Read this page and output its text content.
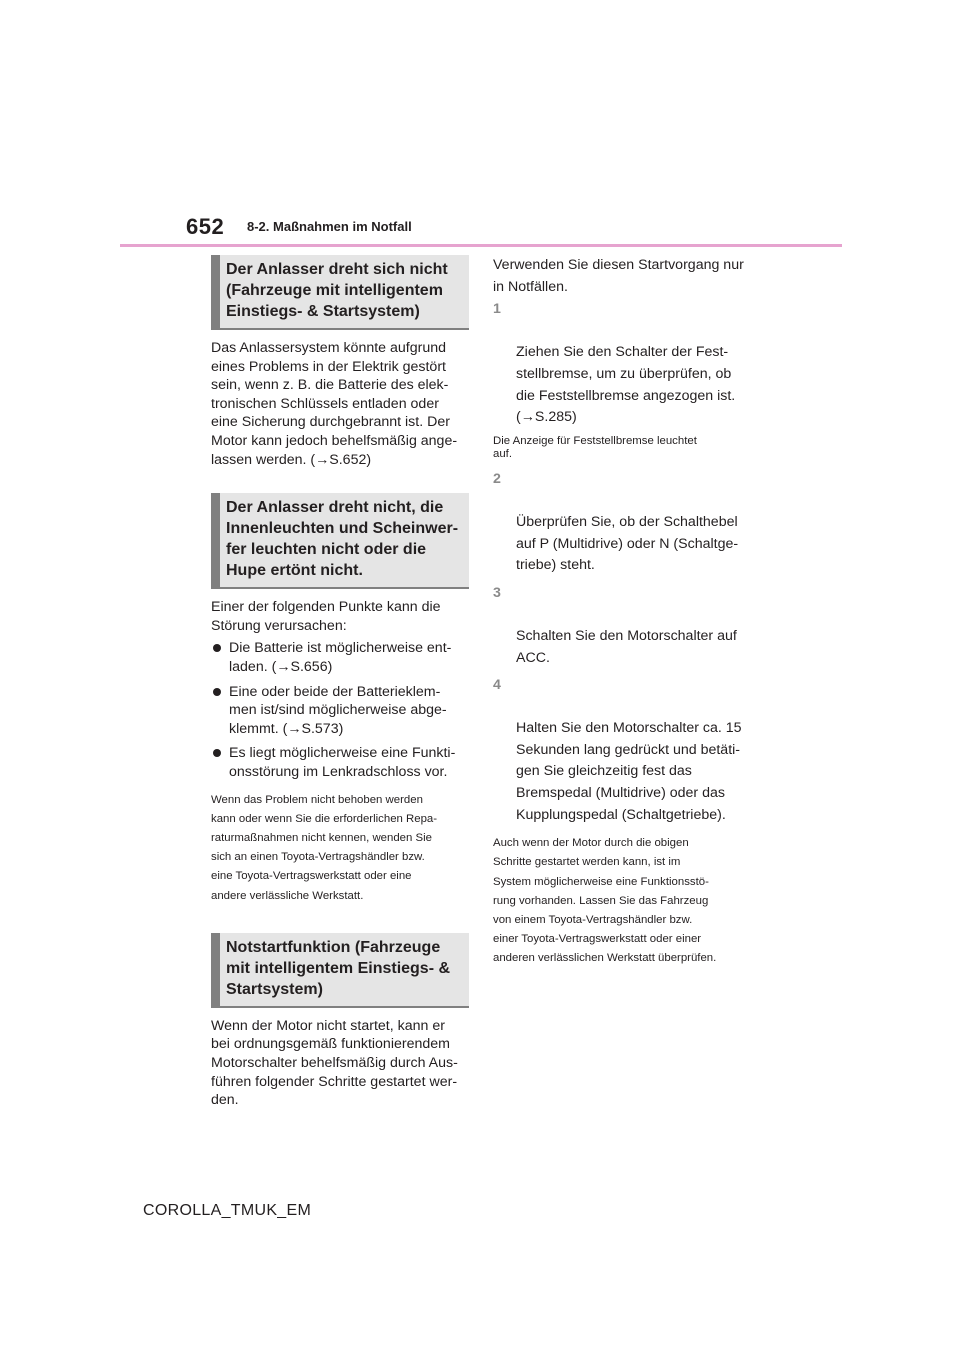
652 8-2. Maßnahmen im Notfall
Der Anlasser dreht sich nicht
(Fahrzeuge mit intelligentem
Einstiegs- & Startsystem)

Das Anlassersystem könnte aufgrund
eines Problems in der Elektrik gestört
sein, wenn z. B. die Batterie des elek-
tronischen Schlüssels entladen oder
eine Sicherung durchgebrannt ist. Der
Motor kann jedoch behelfsmäßig ange-
lassen werden. (→S.652)

Der Anlasser dreht nicht, die
Innenleuchten und Scheinwer-
fer leuchten nicht oder die
Hupe ertönt nicht.

Einer der folgenden Punkte kann die
Störung verursachen:

Die Batterie ist möglicherweise ent-
laden. (→S.656)
Eine oder beide der Batterieklem-
men ist/sind möglicherweise abge-
klemmt. (→S.573)
Es liegt möglicherweise eine Funkti-
onsstörung im Lenkradschloss vor.

Wenn das Problem nicht behoben werden
kann oder wenn Sie die erforderlichen Repa-
raturmaßnahmen nicht kennen, wenden Sie
sich an einen Toyota-Vertragshändler bzw.
eine Toyota-Vertragswerkstatt oder eine
andere verlässliche Werkstatt.

Notstartfunktion (Fahrzeuge
mit intelligentem Einstiegs- &
Startsystem)

Wenn der Motor nicht startet, kann er
bei ordnungsgemäß funktionierendem
Motorschalter behelfsmäßig durch Aus-
führen folgender Schritte gestartet wer-
den.

Verwenden Sie diesen Startvorgang nur
in Notfällen.

1

Ziehen Sie den Schalter der Fest-
stellbremse, um zu überprüfen, ob
die Feststellbremse angezogen ist.
(→S.285)

Die Anzeige für Feststellbremse leuchtet
auf.

2

Überprüfen Sie, ob der Schalthebel
auf P (Multidrive) oder N (Schaltge-
triebe) steht.

3

Schalten Sie den Motorschalter auf
ACC.

4

Halten Sie den Motorschalter ca. 15
Sekunden lang gedrückt und betäti-
gen Sie gleichzeitig fest das
Bremspedal (Multidrive) oder das
Kupplungspedal (Schaltgetriebe).

Auch wenn der Motor durch die obigen
Schritte gestartet werden kann, ist im
System möglicherweise eine Funktionsstö-
rung vorhanden. Lassen Sie das Fahrzeug
von einem Toyota-Vertragshändler bzw.
einer Toyota-Vertragswerkstatt oder einer
anderen verlässlichen Werkstatt überprüfen.

COROLLA_TMUK_EM
